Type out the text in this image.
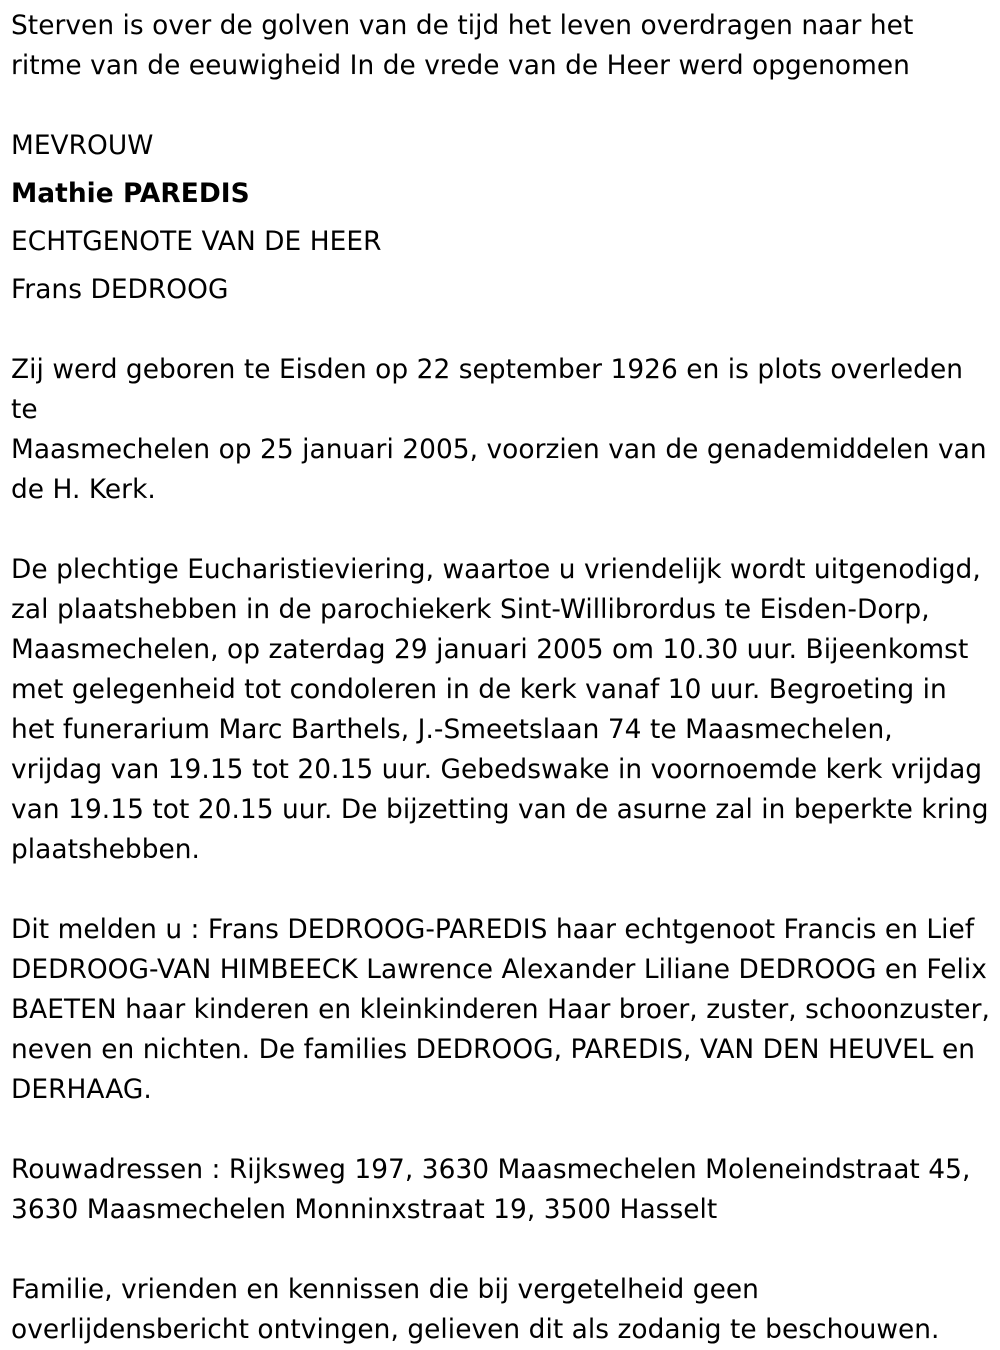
Sterven is over de golven van de tijd het leven overdragen naar het

ritme van de eeuwigheid In de vrede van de Heer werd opgenomen

MEVROUW

Mathie PAREDIS

ECHTGENOTE VAN DE HEER

Frans DEDROOG

Zij werd geboren te Eisden op 22 september 1926 en is plots overleden te

Maasmechelen op 25 januari 2005, voorzien van de genademiddelen van

de H. Kerk.

De plechtige Eucharistieviering, waartoe u vriendelijk wordt uitgenodigd,

zal plaatshebben in de parochiekerk Sint-Willibrordus te Eisden-Dorp,

Maasmechelen, op zaterdag 29 januari 2005 om 10.30 uur. Bijeenkomst

met gelegenheid tot condoleren in de kerk vanaf 10 uur. Begroeting in

het funerarium Marc Barthels, J.-Smeetslaan 74 te Maasmechelen,

vrijdag van 19.15 tot 20.15 uur. Gebedswake in voornoemde kerk vrijdag

van 19.15 tot 20.15 uur. De bijzetting van de asurne zal in beperkte kring

plaatshebben.

Dit melden u : Frans DEDROOG-PAREDIS haar echtgenoot Francis en Lief

DEDROOG-VAN HIMBEECK Lawrence Alexander Liliane DEDROOG en Felix

BAETEN haar kinderen en kleinkinderen Haar broer, zuster, schoonzuster,

neven en nichten. De families DEDROOG, PAREDIS, VAN DEN HEUVEL en

DERHAAG.

Rouwadressen : Rijksweg 197, 3630 Maasmechelen Moleneindstraat 45,

3630 Maasmechelen Monninxstraat 19, 3500 Hasselt

Familie, vrienden en kennissen die bij vergetelheid geen

overlijdensbericht ontvingen, gelieven dit als zodanig te beschouwen.
